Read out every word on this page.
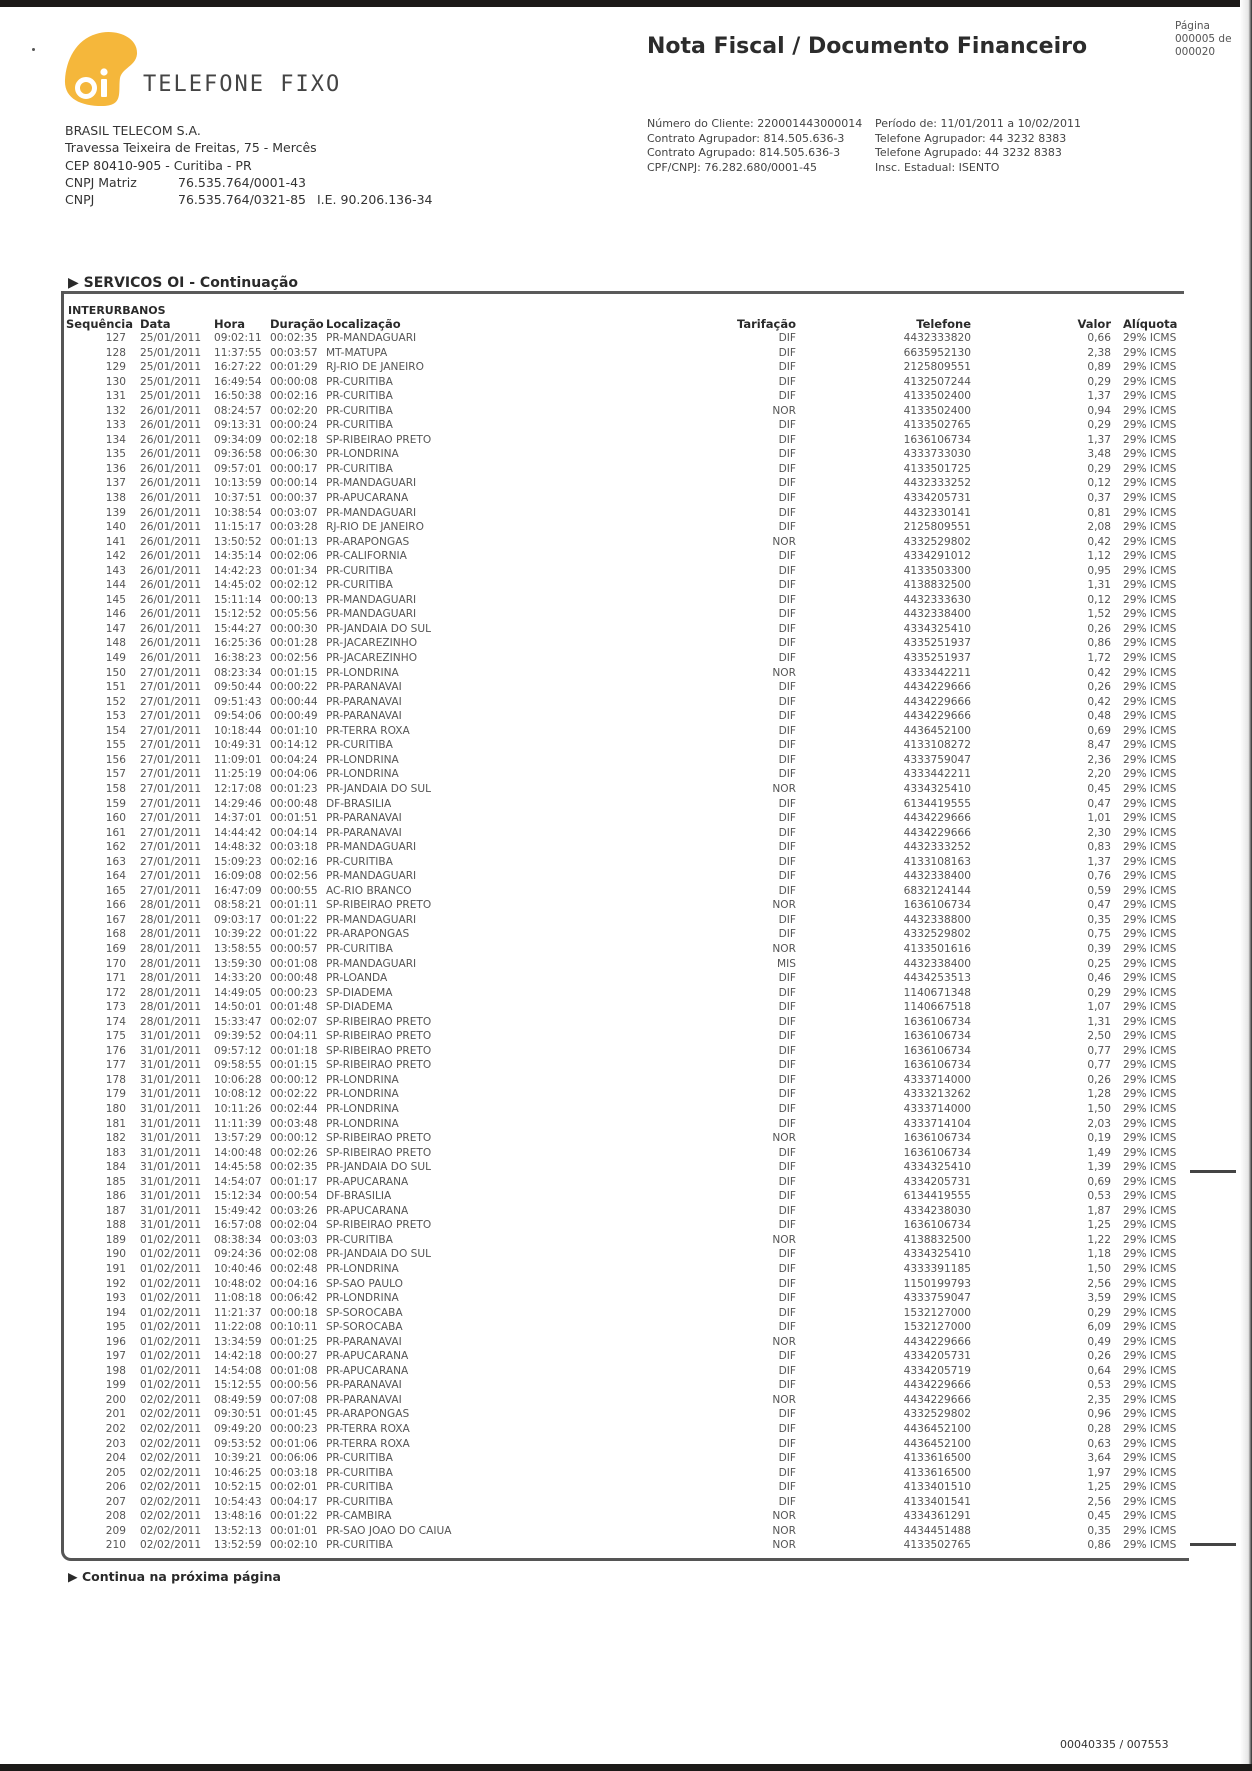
TELEFONE FIXO
BRASIL TELECOM S.A.
Travessa Teixeira de Freitas, 75 - Mercês
CEP 80410-905 - Curitiba - PR
CNPJ Matriz	76.535.764/0001-43
CNPJ	76.535.764/0321-85 I.E. 90.206.136-34
Nota Fiscal / Documento Financeiro
Página
000005 de
000020
Número do Cliente: 220001443000014
Contrato Agrupador: 814.505.636-3
Contrato Agrupado: 814.505.636-3
CPF/CNPJ: 76.282.680/0001-45
Período de: 11/01/2011 a 10/02/2011
Telefone Agrupador: 44 3232 8383
Telefone Agrupado: 44 3232 8383
Insc. Estadual: ISENTO
▶ SERVICOS OI - Continuação
INTERURBANOS
Sequência	Data	Hora	Duração	Localização	Tarifação	Telefone	Valor	Alíquota
127	25/01/2011	09:02:11	00:02:35	PR-MANDAGUARI	DIF	4432333820	0,66	29% ICMS
128	25/01/2011	11:37:55	00:03:57	MT-MATUPA	DIF	6635952130	2,38	29% ICMS
129	25/01/2011	16:27:22	00:01:29	RJ-RIO DE JANEIRO	DIF	2125809551	0,89	29% ICMS
130	25/01/2011	16:49:54	00:00:08	PR-CURITIBA	DIF	4132507244	0,29	29% ICMS
131	25/01/2011	16:50:38	00:02:16	PR-CURITIBA	DIF	4133502400	1,37	29% ICMS
132	26/01/2011	08:24:57	00:02:20	PR-CURITIBA	NOR	4133502400	0,94	29% ICMS
133	26/01/2011	09:13:31	00:00:24	PR-CURITIBA	DIF	4133502765	0,29	29% ICMS
134	26/01/2011	09:34:09	00:02:18	SP-RIBEIRAO PRETO	DIF	1636106734	1,37	29% ICMS
135	26/01/2011	09:36:58	00:06:30	PR-LONDRINA	DIF	4333733030	3,48	29% ICMS
136	26/01/2011	09:57:01	00:00:17	PR-CURITIBA	DIF	4133501725	0,29	29% ICMS
137	26/01/2011	10:13:59	00:00:14	PR-MANDAGUARI	DIF	4432333252	0,12	29% ICMS
138	26/01/2011	10:37:51	00:00:37	PR-APUCARANA	DIF	4334205731	0,37	29% ICMS
139	26/01/2011	10:38:54	00:03:07	PR-MANDAGUARI	DIF	4432330141	0,81	29% ICMS
140	26/01/2011	11:15:17	00:03:28	RJ-RIO DE JANEIRO	DIF	2125809551	2,08	29% ICMS
141	26/01/2011	13:50:52	00:01:13	PR-ARAPONGAS	NOR	4332529802	0,42	29% ICMS
142	26/01/2011	14:35:14	00:02:06	PR-CALIFORNIA	DIF	4334291012	1,12	29% ICMS
143	26/01/2011	14:42:23	00:01:34	PR-CURITIBA	DIF	4133503300	0,95	29% ICMS
144	26/01/2011	14:45:02	00:02:12	PR-CURITIBA	DIF	4138832500	1,31	29% ICMS
145	26/01/2011	15:11:14	00:00:13	PR-MANDAGUARI	DIF	4432333630	0,12	29% ICMS
146	26/01/2011	15:12:52	00:05:56	PR-MANDAGUARI	DIF	4432338400	1,52	29% ICMS
147	26/01/2011	15:44:27	00:00:30	PR-JANDAIA DO SUL	DIF	4334325410	0,26	29% ICMS
148	26/01/2011	16:25:36	00:01:28	PR-JACAREZINHO	DIF	4335251937	0,86	29% ICMS
149	26/01/2011	16:38:23	00:02:56	PR-JACAREZINHO	DIF	4335251937	1,72	29% ICMS
150	27/01/2011	08:23:34	00:01:15	PR-LONDRINA	NOR	4333442211	0,42	29% ICMS
151	27/01/2011	09:50:44	00:00:22	PR-PARANAVAI	DIF	4434229666	0,26	29% ICMS
152	27/01/2011	09:51:43	00:00:44	PR-PARANAVAI	DIF	4434229666	0,42	29% ICMS
153	27/01/2011	09:54:06	00:00:49	PR-PARANAVAI	DIF	4434229666	0,48	29% ICMS
154	27/01/2011	10:18:44	00:01:10	PR-TERRA ROXA	DIF	4436452100	0,69	29% ICMS
155	27/01/2011	10:49:31	00:14:12	PR-CURITIBA	DIF	4133108272	8,47	29% ICMS
156	27/01/2011	11:09:01	00:04:24	PR-LONDRINA	DIF	4333759047	2,36	29% ICMS
157	27/01/2011	11:25:19	00:04:06	PR-LONDRINA	DIF	4333442211	2,20	29% ICMS
158	27/01/2011	12:17:08	00:01:23	PR-JANDAIA DO SUL	NOR	4334325410	0,45	29% ICMS
159	27/01/2011	14:29:46	00:00:48	DF-BRASILIA	DIF	6134419555	0,47	29% ICMS
160	27/01/2011	14:37:01	00:01:51	PR-PARANAVAI	DIF	4434229666	1,01	29% ICMS
161	27/01/2011	14:44:42	00:04:14	PR-PARANAVAI	DIF	4434229666	2,30	29% ICMS
162	27/01/2011	14:48:32	00:03:18	PR-MANDAGUARI	DIF	4432333252	0,83	29% ICMS
163	27/01/2011	15:09:23	00:02:16	PR-CURITIBA	DIF	4133108163	1,37	29% ICMS
164	27/01/2011	16:09:08	00:02:56	PR-MANDAGUARI	DIF	4432338400	0,76	29% ICMS
165	27/01/2011	16:47:09	00:00:55	AC-RIO BRANCO	DIF	6832124144	0,59	29% ICMS
166	28/01/2011	08:58:21	00:01:11	SP-RIBEIRAO PRETO	NOR	1636106734	0,47	29% ICMS
167	28/01/2011	09:03:17	00:01:22	PR-MANDAGUARI	DIF	4432338800	0,35	29% ICMS
168	28/01/2011	10:39:22	00:01:22	PR-ARAPONGAS	DIF	4332529802	0,75	29% ICMS
169	28/01/2011	13:58:55	00:00:57	PR-CURITIBA	NOR	4133501616	0,39	29% ICMS
170	28/01/2011	13:59:30	00:01:08	PR-MANDAGUARI	MIS	4432338400	0,25	29% ICMS
171	28/01/2011	14:33:20	00:00:48	PR-LOANDA	DIF	4434253513	0,46	29% ICMS
172	28/01/2011	14:49:05	00:00:23	SP-DIADEMA	DIF	1140671348	0,29	29% ICMS
173	28/01/2011	14:50:01	00:01:48	SP-DIADEMA	DIF	1140667518	1,07	29% ICMS
174	28/01/2011	15:33:47	00:02:07	SP-RIBEIRAO PRETO	DIF	1636106734	1,31	29% ICMS
175	31/01/2011	09:39:52	00:04:11	SP-RIBEIRAO PRETO	DIF	1636106734	2,50	29% ICMS
176	31/01/2011	09:57:12	00:01:18	SP-RIBEIRAO PRETO	DIF	1636106734	0,77	29% ICMS
177	31/01/2011	09:58:55	00:01:15	SP-RIBEIRAO PRETO	DIF	1636106734	0,77	29% ICMS
178	31/01/2011	10:06:28	00:00:12	PR-LONDRINA	DIF	4333714000	0,26	29% ICMS
179	31/01/2011	10:08:12	00:02:22	PR-LONDRINA	DIF	4333213262	1,28	29% ICMS
180	31/01/2011	10:11:26	00:02:44	PR-LONDRINA	DIF	4333714000	1,50	29% ICMS
181	31/01/2011	11:11:39	00:03:48	PR-LONDRINA	DIF	4333714104	2,03	29% ICMS
182	31/01/2011	13:57:29	00:00:12	SP-RIBEIRAO PRETO	NOR	1636106734	0,19	29% ICMS
183	31/01/2011	14:00:48	00:02:26	SP-RIBEIRAO PRETO	DIF	1636106734	1,49	29% ICMS
184	31/01/2011	14:45:58	00:02:35	PR-JANDAIA DO SUL	DIF	4334325410	1,39	29% ICMS
185	31/01/2011	14:54:07	00:01:17	PR-APUCARANA	DIF	4334205731	0,69	29% ICMS
186	31/01/2011	15:12:34	00:00:54	DF-BRASILIA	DIF	6134419555	0,53	29% ICMS
187	31/01/2011	15:49:42	00:03:26	PR-APUCARANA	DIF	4334238030	1,87	29% ICMS
188	31/01/2011	16:57:08	00:02:04	SP-RIBEIRAO PRETO	DIF	1636106734	1,25	29% ICMS
189	01/02/2011	08:38:34	00:03:03	PR-CURITIBA	NOR	4138832500	1,22	29% ICMS
190	01/02/2011	09:24:36	00:02:08	PR-JANDAIA DO SUL	DIF	4334325410	1,18	29% ICMS
191	01/02/2011	10:40:46	00:02:48	PR-LONDRINA	DIF	4333391185	1,50	29% ICMS
192	01/02/2011	10:48:02	00:04:16	SP-SAO PAULO	DIF	1150199793	2,56	29% ICMS
193	01/02/2011	11:08:18	00:06:42	PR-LONDRINA	DIF	4333759047	3,59	29% ICMS
194	01/02/2011	11:21:37	00:00:18	SP-SOROCABA	DIF	1532127000	0,29	29% ICMS
195	01/02/2011	11:22:08	00:10:11	SP-SOROCABA	DIF	1532127000	6,09	29% ICMS
196	01/02/2011	13:34:59	00:01:25	PR-PARANAVAI	NOR	4434229666	0,49	29% ICMS
197	01/02/2011	14:42:18	00:00:27	PR-APUCARANA	DIF	4334205731	0,26	29% ICMS
198	01/02/2011	14:54:08	00:01:08	PR-APUCARANA	DIF	4334205719	0,64	29% ICMS
199	01/02/2011	15:12:55	00:00:56	PR-PARANAVAI	DIF	4434229666	0,53	29% ICMS
200	02/02/2011	08:49:59	00:07:08	PR-PARANAVAI	NOR	4434229666	2,35	29% ICMS
201	02/02/2011	09:30:51	00:01:45	PR-ARAPONGAS	DIF	4332529802	0,96	29% ICMS
202	02/02/2011	09:49:20	00:00:23	PR-TERRA ROXA	DIF	4436452100	0,28	29% ICMS
203	02/02/2011	09:53:52	00:01:06	PR-TERRA ROXA	DIF	4436452100	0,63	29% ICMS
204	02/02/2011	10:39:21	00:06:06	PR-CURITIBA	DIF	4133616500	3,64	29% ICMS
205	02/02/2011	10:46:25	00:03:18	PR-CURITIBA	DIF	4133616500	1,97	29% ICMS
206	02/02/2011	10:52:15	00:02:01	PR-CURITIBA	DIF	4133401510	1,25	29% ICMS
207	02/02/2011	10:54:43	00:04:17	PR-CURITIBA	DIF	4133401541	2,56	29% ICMS
208	02/02/2011	13:48:16	00:01:22	PR-CAMBIRA	NOR	4334361291	0,45	29% ICMS
209	02/02/2011	13:52:13	00:01:01	PR-SAO JOAO DO CAIUA	NOR	4434451488	0,35	29% ICMS
210	02/02/2011	13:52:59	00:02:10	PR-CURITIBA	NOR	4133502765	0,86	29% ICMS
▶ Continua na próxima página
00040335 / 007553
